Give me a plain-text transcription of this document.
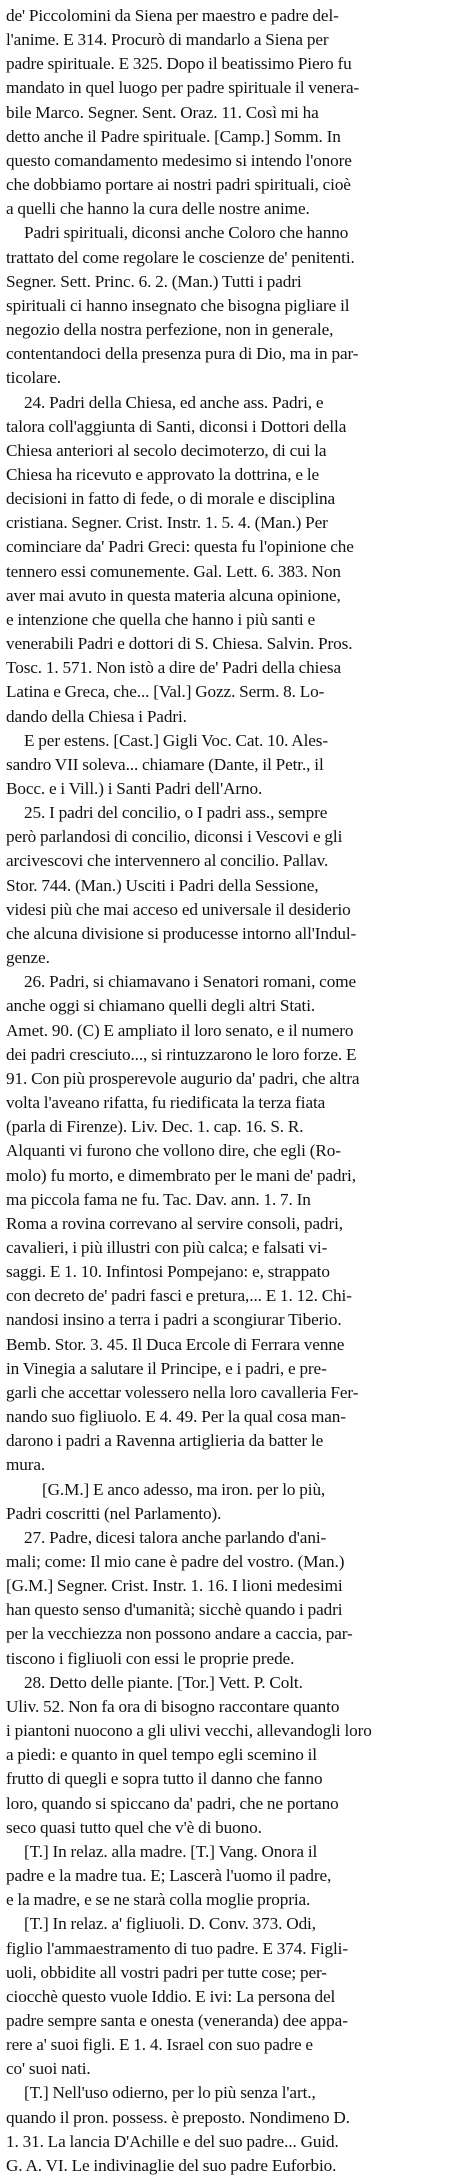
de' Piccolomini da Siena per maestro e padre del-
l'anime. E 314. Procurò di mandarlo a Siena per
padre spirituale. E 325. Dopo il beatissimo Piero fu
mandato in quel luogo per padre spirituale il venera-
bile Marco. Segner. Sent. Oraz. 11. Così mi ha
detto anche il Padre spirituale. [Camp.] Somm. In
questo comandamento medesimo si intendo l'onore
che dobbiamo portare ai nostri padri spirituali, cioè
a quelli che hanno la cura delle nostre anime.
Padri spirituali, diconsi anche Coloro che hanno
trattato del come regolare le coscienze de' penitenti.
Segner. Sett. Princ. 6. 2. (Man.) Tutti i padri
spirituali ci hanno insegnato che bisogna pigliare il
negozio della nostra perfezione, non in generale,
contentandoci della presenza pura di Dio, ma in par-
ticolare.
24. Padri della Chiesa, ed anche ass. Padri, e
talora coll'aggiunta di Santi, diconsi i Dottori della
Chiesa anteriori al secolo decimoterzo, di cui la
Chiesa ha ricevuto e approvato la dottrina, e le
decisioni in fatto di fede, o di morale e disciplina
cristiana. Segner. Crist. Instr. 1. 5. 4. (Man.) Per
cominciare da' Padri Greci: questa fu l'opinione che
tennero essi comunemente. Gal. Lett. 6. 383. Non
aver mai avuto in questa materia alcuna opinione,
e intenzione che quella che hanno i più santi e
venerabili Padri e dottori di S. Chiesa. Salvin. Pros.
Tosc. 1. 571. Non istò a dire de' Padri della chiesa
Latina e Greca, che... [Val.] Gozz. Serm. 8. Lo-
dando della Chiesa i Padri.
E per estens. [Cast.] Gigli Voc. Cat. 10. Ales-
sandro VII soleva... chiamare (Dante, il Petr., il
Bocc. e i Vill.) i Santi Padri dell'Arno.
25. I padri del concilio, o I padri ass., sempre
però parlandosi di concilio, diconsi i Vescovi e gli
arcivescovi che intervennero al concilio. Pallav.
Stor. 744. (Man.) Usciti i Padri della Sessione,
videsi più che mai acceso ed universale il desiderio
che alcuna divisione si producesse intorno all'Indul-
genze.
26. Padri, si chiamavano i Senatori romani, come
anche oggi si chiamano quelli degli altri Stati.
Amet. 90. (C) E ampliato il loro senato, e il numero
dei padri cresciuto..., si rintuzzarono le loro forze. E
91. Con più prosperevole augurio da' padri, che altra
volta l'aveano rifatta, fu riedificata la terza fiata
(parla di Firenze). Liv. Dec. 1. cap. 16. S. R.
Alquanti vi furono che vollono dire, che egli (Ro-
molo) fu morto, e dimembrato per le mani de' padri,
ma piccola fama ne fu. Tac. Dav. ann. 1. 7. In
Roma a rovina correvano al servire consoli, padri,
cavalieri, i più illustri con più calca; e falsati vi-
saggi. E 1. 10. Infintosi Pompejano: e, strappato
con decreto de' padri fasci e pretura,... E 1. 12. Chi-
nandosi insino a terra i padri a scongiurar Tiberio.
Bemb. Stor. 3. 45. Il Duca Ercole di Ferrara venne
in Vinegia a salutare il Principe, e i padri, e pre-
garli che accettar volessero nella loro cavalleria Fer-
nando suo figliuolo. E 4. 49. Per la qual cosa man-
darono i padri a Ravenna artiglieria da batter le
mura.
[G.M.] E anco adesso, ma iron. per lo più,
Padri coscritti (nel Parlamento).
27. Padre, dicesi talora anche parlando d'ani-
mali; come: Il mio cane è padre del vostro. (Man.)
[G.M.] Segner. Crist. Instr. 1. 16. I lioni medesimi
han questo senso d'umanità; sicchè quando i padri
per la vecchiezza non possono andare a caccia, par-
tiscono i figliuoli con essi le proprie prede.
28. Detto delle piante. [Tor.] Vett. P. Colt.
Uliv. 52. Non fa ora di bisogno raccontare quanto
i piantoni nuocono a gli ulivi vecchi, allevandogli loro
a piedi: e quanto in quel tempo egli scemino il
frutto di quegli e sopra tutto il danno che fanno
loro, quando si spiccano da' padri, che ne portano
seco quasi tutto quel che v'è di buono.
[T.] In relaz. alla madre. [T.] Vang. Onora il
padre e la madre tua. E; Lascerà l'uomo il padre,
e la madre, e se ne starà colla moglie propria.
[T.] In relaz. a' figliuoli. D. Conv. 373. Odi,
figlio l'ammaestramento di tuo padre. E 374. Figli-
uoli, obbidite all vostri padri per tutte cose; per-
ciocchè questo vuole Iddio. E ivi: La persona del
padre sempre santa e onesta (veneranda) dee appa-
rere a' suoi figli. E 1. 4. Israel con suo padre e
co' suoi nati.
[T.] Nell'uso odierno, per lo più senza l'art.,
quando il pron. possess. è preposto. Nondimeno D.
1. 31. La lancia D'Achille e del suo padre... Guid.
G. A. VI. Le indivinaglie del suo padre Euforbio.
